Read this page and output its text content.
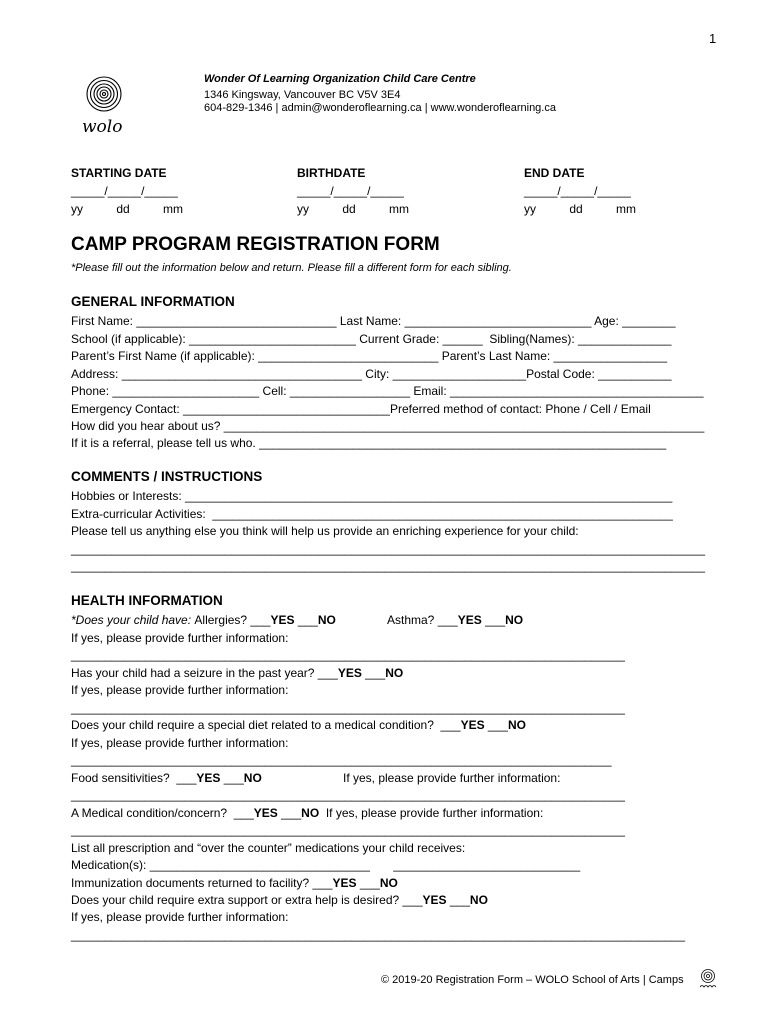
1
wolo
Wonder Of Learning Organization Child Care Centre
1346 Kingsway, Vancouver BC V5V 3E4
604-829-1346 | admin@wonderoflearning.ca | www.wonderoflearning.ca
STARTING DATE
_____/_____/_____
yy          dd          mm
BIRTHDATE
_____/_____/_____
yy          dd          mm
END DATE
_____/_____/_____
yy          dd          mm
CAMP PROGRAM REGISTRATION FORM
*Please fill out the information below and return. Please fill a different form for each sibling.
GENERAL INFORMATION
First Name: ______________________________ Last Name: ____________________________ Age: ________
School (if applicable): _________________________ Current Grade: ______  Sibling(Names): ______________
Parent’s First Name (if applicable): ___________________________ Parent’s Last Name: _________________
Address: ____________________________________ City: ____________________Postal Code: ___________
Phone: ______________________ Cell: __________________ Email: ______________________________________
Emergency Contact: _______________________________Preferred method of contact: Phone / Cell / Email
How did you hear about us? ________________________________________________________________________
If it is a referral, please tell us who. _____________________________________________________________
COMMENTS / INSTRUCTIONS
Hobbies or Interests: _________________________________________________________________________
Extra-curricular Activities:  _____________________________________________________________________
Please tell us anything else you think will help us provide an enriching experience for your child:
_______________________________________________________________________________________________
_______________________________________________________________________________________________
HEALTH INFORMATION
*Does your child have: Allergies? ___YES ___NO	Asthma? ___YES ___NO
If yes, please provide further information:
___________________________________________________________________________________
Has your child had a seizure in the past year? ___YES ___NO
If yes, please provide further information:
___________________________________________________________________________________
Does your child require a special diet related to a medical condition?  ___YES ___NO
If yes, please provide further information:
_________________________________________________________________________________
Food sensitivities?  ___YES ___NO	If yes, please provide further information:
___________________________________________________________________________________
A Medical condition/concern?  ___YES ___NO  If yes, please provide further information:
___________________________________________________________________________________
List all prescription and “over the counter” medications your child receives:
Medication(s): _________________________________       ____________________________
Immunization documents returned to facility? ___YES ___NO
Does your child require extra support or extra help is desired? ___YES ___NO
If yes, please provide further information:
____________________________________________________________________________________________
© 2019-20 Registration Form – WOLO School of Arts | Camps
